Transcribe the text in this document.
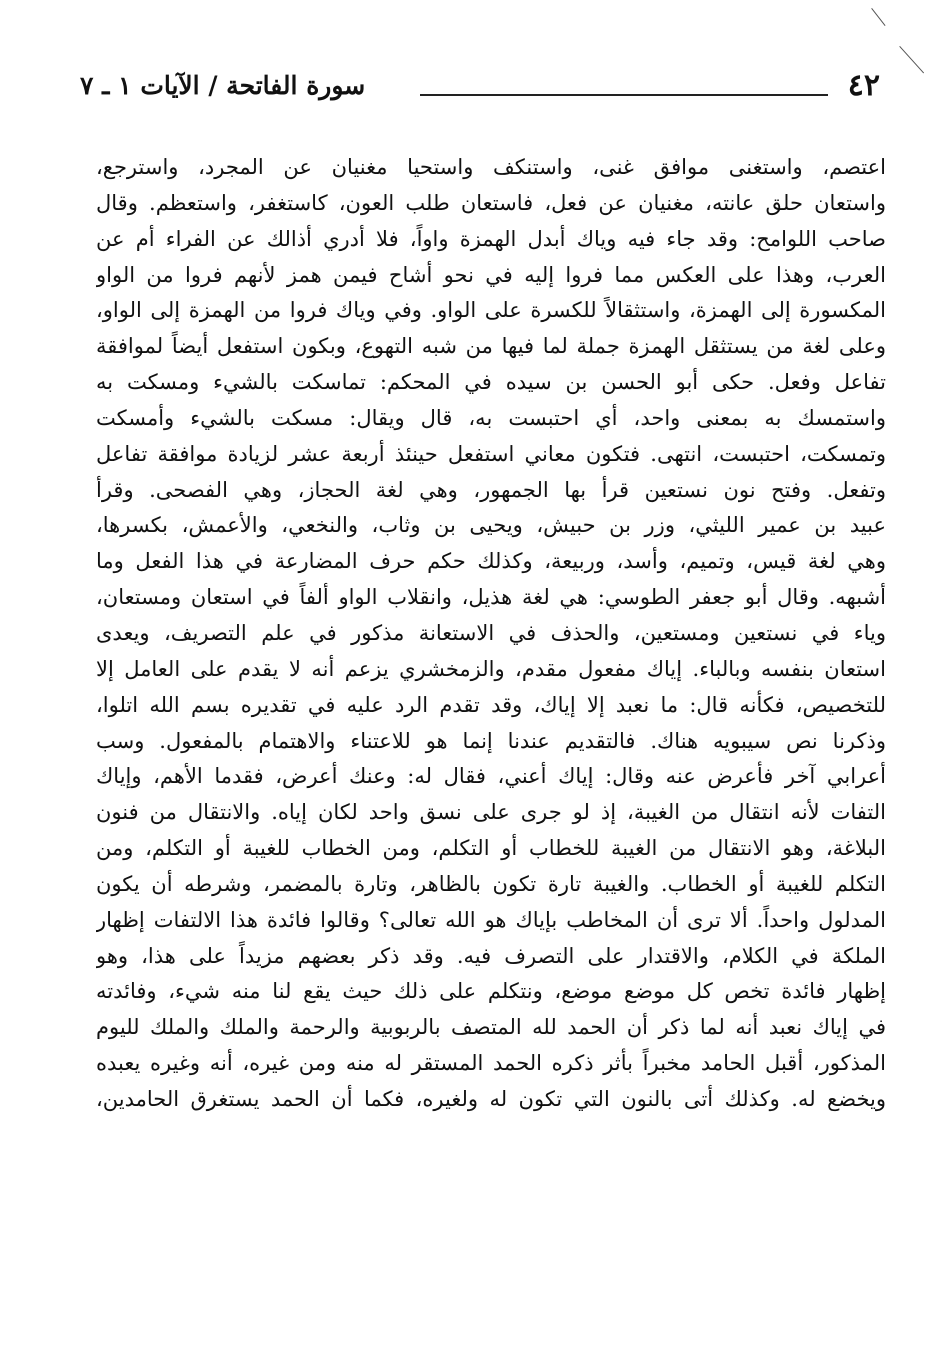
٤٢
سورة الفاتحة / الآيات ١ ـ ٧
اعتصم، واستغنى موافق غنى، واستنكف واستحيا مغنيان عن المجرد، واسترجع،
واستعان حلق عانته، مغنيان عن فعل، فاستعان طلب العون، كاستغفر، واستعظم. وقال
صاحب اللوامح: وقد جاء فيه وياك أبدل الهمزة واواً، فلا أدري أذالك عن الفراء أم عن
العرب، وهذا على العكس مما فروا إليه في نحو أشاح فيمن همز لأنهم فروا من الواو
المكسورة إلى الهمزة، واستثقالاً للكسرة على الواو. وفي وياك فروا من الهمزة إلى الواو،
وعلى لغة من يستثقل الهمزة جملة لما فيها من شبه التهوع، وبكون استفعل أيضاً لموافقة
تفاعل وفعل. حكى أبو الحسن بن سيده في المحكم: تماسكت بالشيء ومسكت به
واستمسك به بمعنى واحد، أي احتبست به، قال ويقال: مسكت بالشيء وأمسكت
وتمسكت، احتبست، انتهى. فتكون معاني استفعل حينئذ أربعة عشر لزيادة موافقة تفاعل
وتفعل. وفتح نون نستعين قرأ بها الجمهور، وهي لغة الحجاز، وهي الفصحى. وقرأ
عبيد بن عمير الليثي، وزر بن حبيش، ويحيى بن وثاب، والنخعي، والأعمش، بكسرها،
وهي لغة قيس، وتميم، وأسد، وربيعة، وكذلك حكم حرف المضارعة في هذا الفعل وما
أشبهه. وقال أبو جعفر الطوسي: هي لغة هذيل، وانقلاب الواو ألفاً في استعان ومستعان،
وياء في نستعين ومستعين، والحذف في الاستعانة مذكور في علم التصريف، ويعدى
استعان بنفسه وبالباء. إياك مفعول مقدم، والزمخشري يزعم أنه لا يقدم على العامل إلا
للتخصيص، فكأنه قال: ما نعبد إلا إياك، وقد تقدم الرد عليه في تقديره بسم الله اتلوا،
وذكرنا نص سيبويه هناك. فالتقديم عندنا إنما هو للاعتناء والاهتمام بالمفعول. وسب
أعرابي آخر فأعرض عنه وقال: إياك أعني، فقال له: وعنك أعرض، فقدما الأهم، وإياك
التفات لأنه انتقال من الغيبة، إذ لو جرى على نسق واحد لكان إياه. والانتقال من فنون
البلاغة، وهو الانتقال من الغيبة للخطاب أو التكلم، ومن الخطاب للغيبة أو التكلم، ومن
التكلم للغيبة أو الخطاب. والغيبة تارة تكون بالظاهر، وتارة بالمضمر، وشرطه أن يكون
المدلول واحداً. ألا ترى أن المخاطب بإياك هو الله تعالى؟ وقالوا فائدة هذا الالتفات إظهار
الملكة في الكلام، والاقتدار على التصرف فيه. وقد ذكر بعضهم مزيداً على هذا، وهو
إظهار فائدة تخص كل موضع موضع، ونتكلم على ذلك حيث يقع لنا منه شيء، وفائدته
في إياك نعبد أنه لما ذكر أن الحمد لله المتصف بالربوبية والرحمة والملك والملك لليوم
المذكور، أقبل الحامد مخبراً بأثر ذكره الحمد المستقر له منه ومن غيره، أنه وغيره يعبده
ويخضع له. وكذلك أتى بالنون التي تكون له ولغيره، فكما أن الحمد يستغرق الحامدين،
